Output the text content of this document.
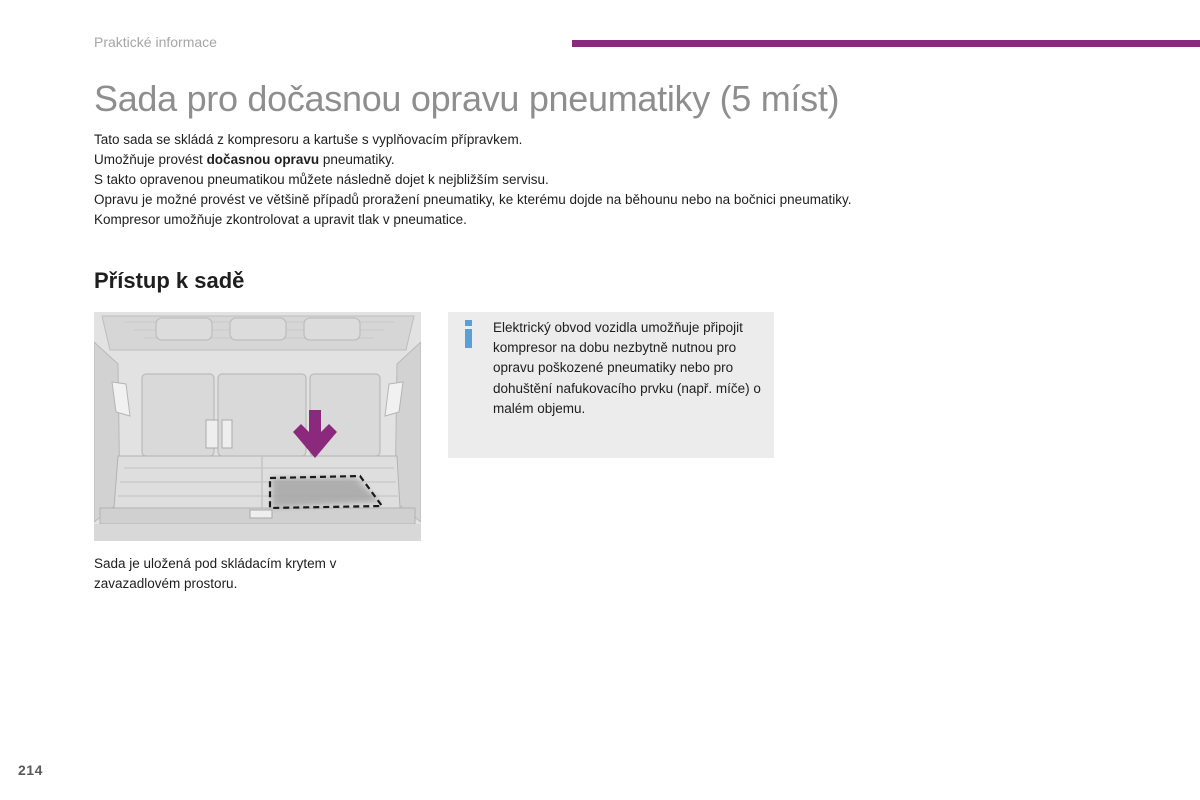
Praktické informace
Sada pro dočasnou opravu pneumatiky (5 míst)

Tato sada se skládá z kompresoru a kartuše s vyplňovacím přípravkem.

Umožňuje provést dočasnou opravu pneumatiky.

S takto opravenou pneumatikou můžete následně dojet k nejbližším servisu.

Opravu je možné provést ve většině případů proražení pneumatiky, ke kterému dojde na běhounu nebo na bočnici pneumatiky.

Kompresor umožňuje zkontrolovat a upravit tlak v pneumatice.

Přístup k sadě
Sada je uložená pod skládacím krytem v zavazadlovém prostoru.
Elektrický obvod vozidla umožňuje připojit kompresor na dobu nezbytně nutnou pro opravu poškozené pneumatiky nebo pro dohuštění nafukovacího prvku (např. míče) o malém objemu.
214
